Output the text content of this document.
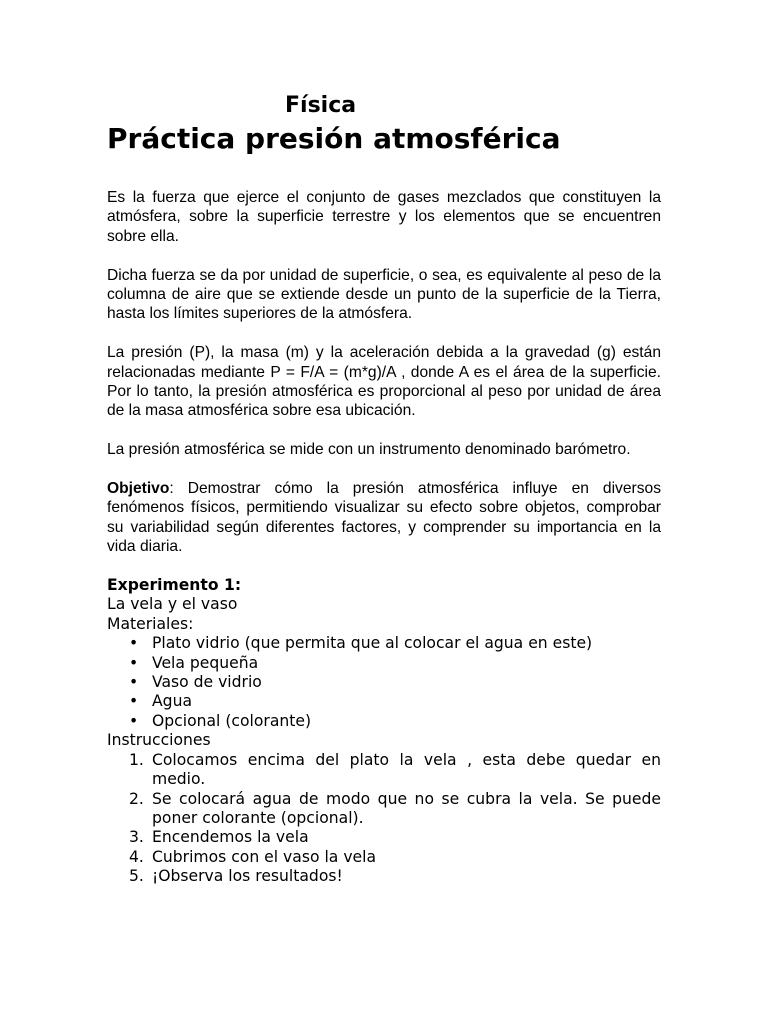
Física
Práctica presión atmosférica

Es la fuerza que ejerce el conjunto de gases mezclados que constituyen la atmósfera, sobre la superficie terrestre y los elementos que se encuentren sobre ella.

Dicha fuerza se da por unidad de superficie, o sea, es equivalente al peso de la columna de aire que se extiende desde un punto de la superficie de la Tierra, hasta los límites superiores de la atmósfera.

La presión (P), la masa (m) y la aceleración debida a la gravedad (g) están relacionadas mediante P = F/A = (m*g)/A , donde A es el área de la superficie. Por lo tanto, la presión atmosférica es proporcional al peso por unidad de área de la masa atmosférica sobre esa ubicación.

La presión atmosférica se mide con un instrumento denominado barómetro.

Objetivo: Demostrar cómo la presión atmosférica influye en diversos fenómenos físicos, permitiendo visualizar su efecto sobre objetos, comprobar su variabilidad según diferentes factores, y comprender su importancia en la vida diaria.

Experimento 1:
La vela y el vaso
Materiales:
• Plato vidrio (que permita que al colocar el agua en este)
• Vela pequeña
• Vaso de vidrio
• Agua
• Opcional (colorante)
Instrucciones
1. Colocamos encima del plato la vela , esta debe quedar en medio.
2. Se colocará agua de modo que no se cubra la vela. Se puede poner colorante (opcional).
3. Encendemos la vela
4. Cubrimos con el vaso la vela
5. ¡Observa los resultados!
